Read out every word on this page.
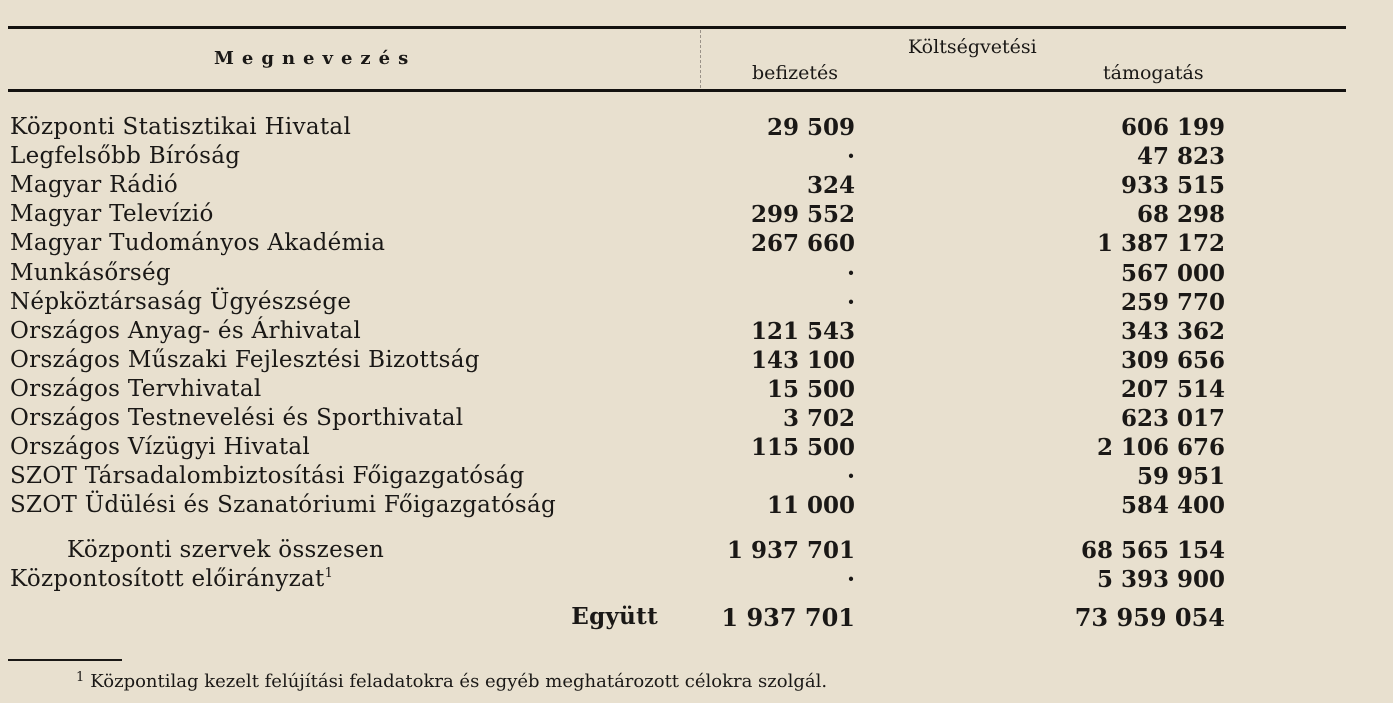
Megnevezés
Költségvetési
befizetés	támogatás
Központi Statisztikai Hivatal	29 509	606 199
Legfelsőbb Bíróság	·	47 823
Magyar Rádió	324	933 515
Magyar Televízió	299 552	68 298
Magyar Tudományos Akadémia	267 660	1 387 172
Munkásőrség	·	567 000
Népköztársaság Ügyészsége	·	259 770
Országos Anyag- és Árhivatal	121 543	343 362
Országos Műszaki Fejlesztési Bizottság	143 100	309 656
Országos Tervhivatal	15 500	207 514
Országos Testnevelési és Sporthivatal	3 702	623 017
Országos Vízügyi Hivatal	115 500	2 106 676
SZOT Társadalombiztosítási Főigazgatóság	·	59 951
SZOT Üdülési és Szanatóriumi Főigazgatóság	11 000	584 400
Központi szervek összesen	1 937 701	68 565 154
Központosított előirányzat$^1$	·	5 393 900
Együtt	1 937 701	73 959 054
$^1$ Központilag kezelt felújítási feladatokra és egyéb meghatározott célokra szolgál.
